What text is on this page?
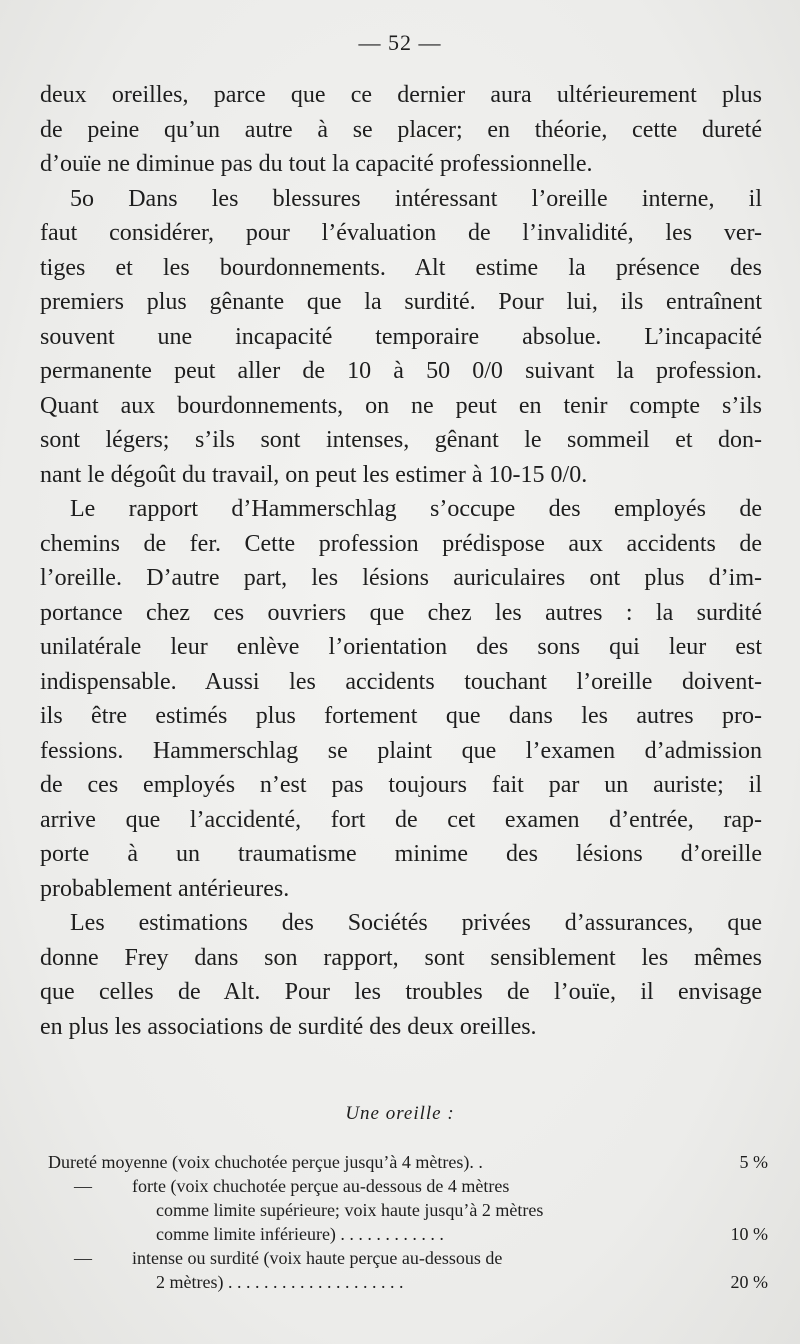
— 52 —
deux oreilles, parce que ce dernier aura ultérieurement plus
de peine qu’un autre à se placer; en théorie, cette dureté
d’ouïe ne diminue pas du tout la capacité professionnelle.
5o Dans les blessures intéressant l’oreille interne, il
faut considérer, pour l’évaluation de l’invalidité, les ver-
tiges et les bourdonnements. Alt estime la présence des
premiers plus gênante que la surdité. Pour lui, ils entraînent
souvent une incapacité temporaire absolue. L’incapacité
permanente peut aller de 10 à 50 0/0 suivant la profession.
Quant aux bourdonnements, on ne peut en tenir compte s’ils
sont légers; s’ils sont intenses, gênant le sommeil et don-
nant le dégoût du travail, on peut les estimer à 10-15 0/0.
Le rapport d’Hammerschlag s’occupe des employés de
chemins de fer. Cette profession prédispose aux accidents de
l’oreille. D’autre part, les lésions auriculaires ont plus d’im-
portance chez ces ouvriers que chez les autres : la surdité
unilatérale leur enlève l’orientation des sons qui leur est
indispensable. Aussi les accidents touchant l’oreille doivent-
ils être estimés plus fortement que dans les autres pro-
fessions. Hammerschlag se plaint que l’examen d’admission
de ces employés n’est pas toujours fait par un auriste; il
arrive que l’accidenté, fort de cet examen d’entrée, rap-
porte à un traumatisme minime des lésions d’oreille
probablement antérieures.
Les estimations des Sociétés privées d’assurances, que
donne Frey dans son rapport, sont sensiblement les mêmes
que celles de Alt. Pour les troubles de l’ouïe, il envisage
en plus les associations de surdité des deux oreilles.
Une oreille :
Dureté moyenne (voix chuchotée perçue jusqu’à 4 mètres). .	5 %
— forte (voix chuchotée perçue au-dessous de 4 mètres
comme limite supérieure; voix haute jusqu’à 2 mètres
comme limite inférieure) . . . . . . . . . . . .	10 %
— intense ou surdité (voix haute perçue au-dessous de
2 mètres) . . . . . . . . . . . . . . . . . . . .	20 %
